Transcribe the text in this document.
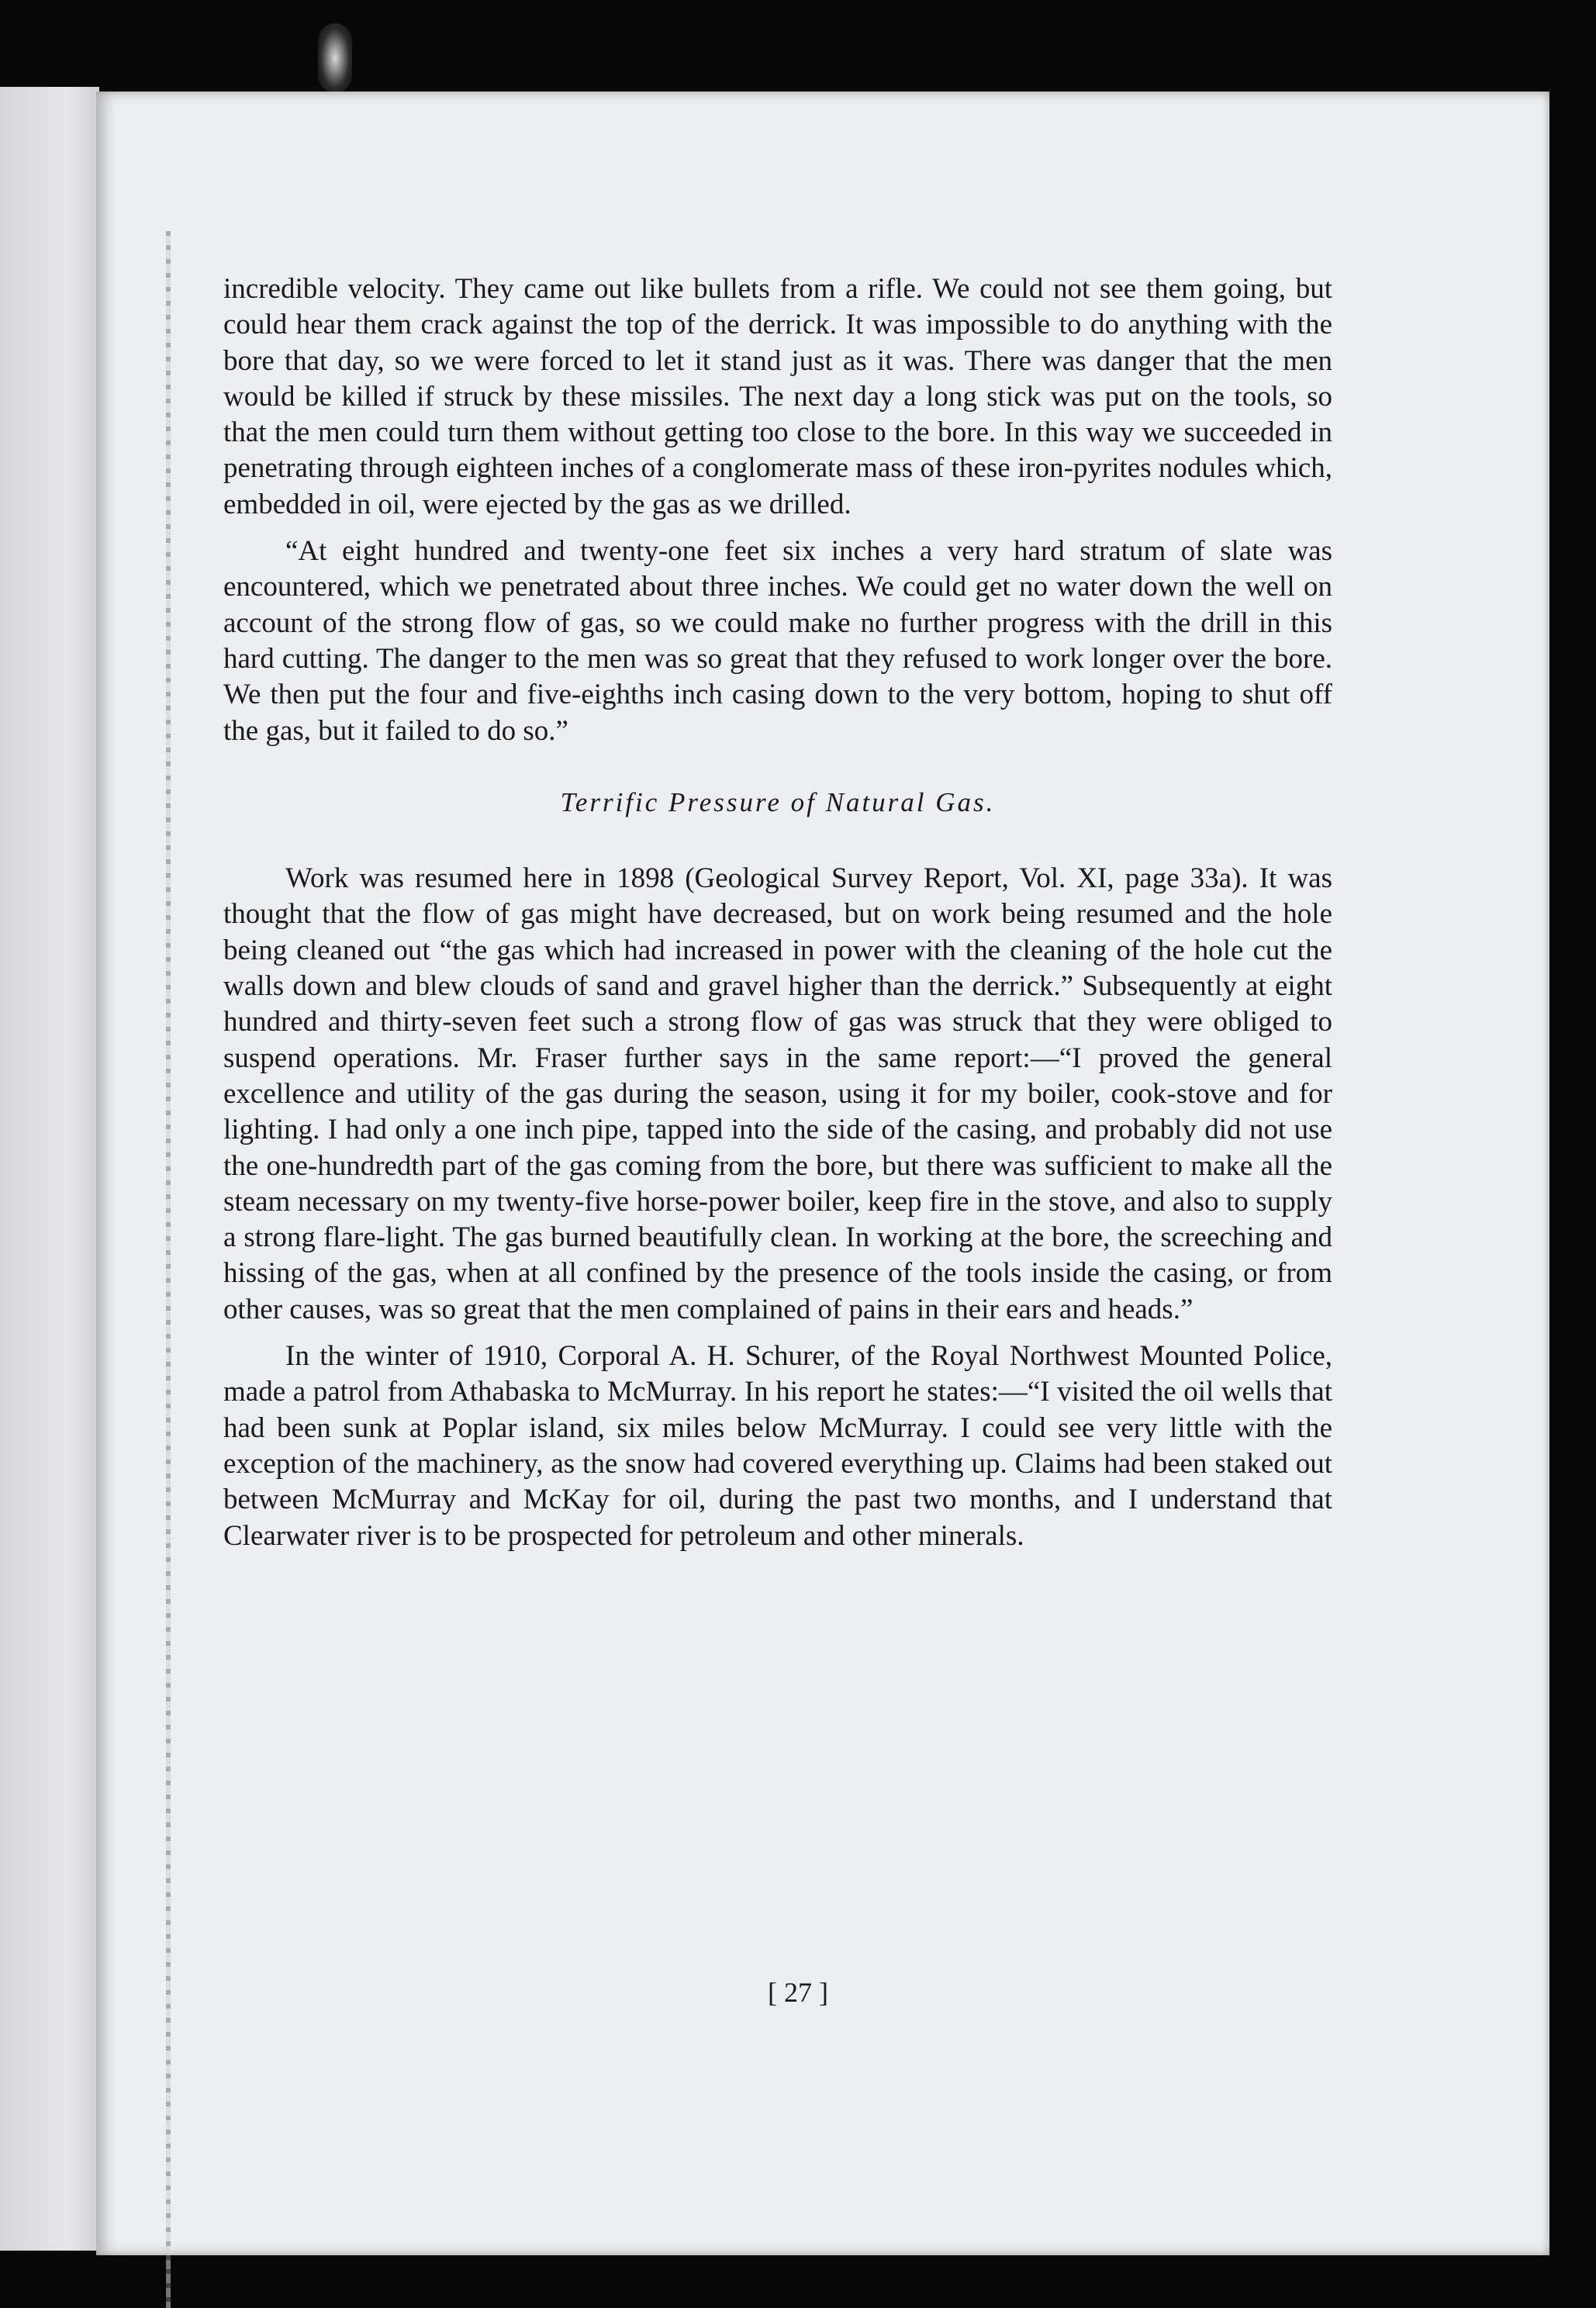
incredible velocity. They came out like bullets from a rifle. We could not see them going, but could hear them crack against the top of the derrick. It was impossible to do anything with the bore that day, so we were forced to let it stand just as it was. There was danger that the men would be killed if struck by these missiles. The next day a long stick was put on the tools, so that the men could turn them without getting too close to the bore. In this way we succeeded in penetrating through eighteen inches of a conglomerate mass of these iron-pyrites nodules which, embedded in oil, were ejected by the gas as we drilled.

“At eight hundred and twenty-one feet six inches a very hard stratum of slate was encountered, which we penetrated about three inches. We could get no water down the well on account of the strong flow of gas, so we could make no further progress with the drill in this hard cutting. The danger to the men was so great that they refused to work longer over the bore. We then put the four and five-eighths inch casing down to the very bottom, hoping to shut off the gas, but it failed to do so.”

Terrific Pressure of Natural Gas.

Work was resumed here in 1898 (Geological Survey Report, Vol. XI, page 33a). It was thought that the flow of gas might have decreased, but on work being resumed and the hole being cleaned out “the gas which had increased in power with the cleaning of the hole cut the walls down and blew clouds of sand and gravel higher than the derrick.” Subsequently at eight hundred and thirty-seven feet such a strong flow of gas was struck that they were obliged to suspend operations. Mr. Fraser further says in the same report:—“I proved the general excellence and utility of the gas during the season, using it for my boiler, cook-stove and for lighting. I had only a one inch pipe, tapped into the side of the casing, and probably did not use the one-hundredth part of the gas coming from the bore, but there was sufficient to make all the steam necessary on my twenty-five horse-power boiler, keep fire in the stove, and also to supply a strong flare-light. The gas burned beautifully clean. In working at the bore, the screeching and hissing of the gas, when at all confined by the presence of the tools inside the casing, or from other causes, was so great that the men complained of pains in their ears and heads.”

In the winter of 1910, Corporal A. H. Schurer, of the Royal Northwest Mounted Police, made a patrol from Athabaska to McMurray. In his report he states:—“I visited the oil wells that had been sunk at Poplar island, six miles below McMurray. I could see very little with the exception of the machinery, as the snow had covered everything up. Claims had been staked out between McMurray and McKay for oil, during the past two months, and I understand that Clearwater river is to be prospected for petroleum and other minerals.

[ 27 ]
